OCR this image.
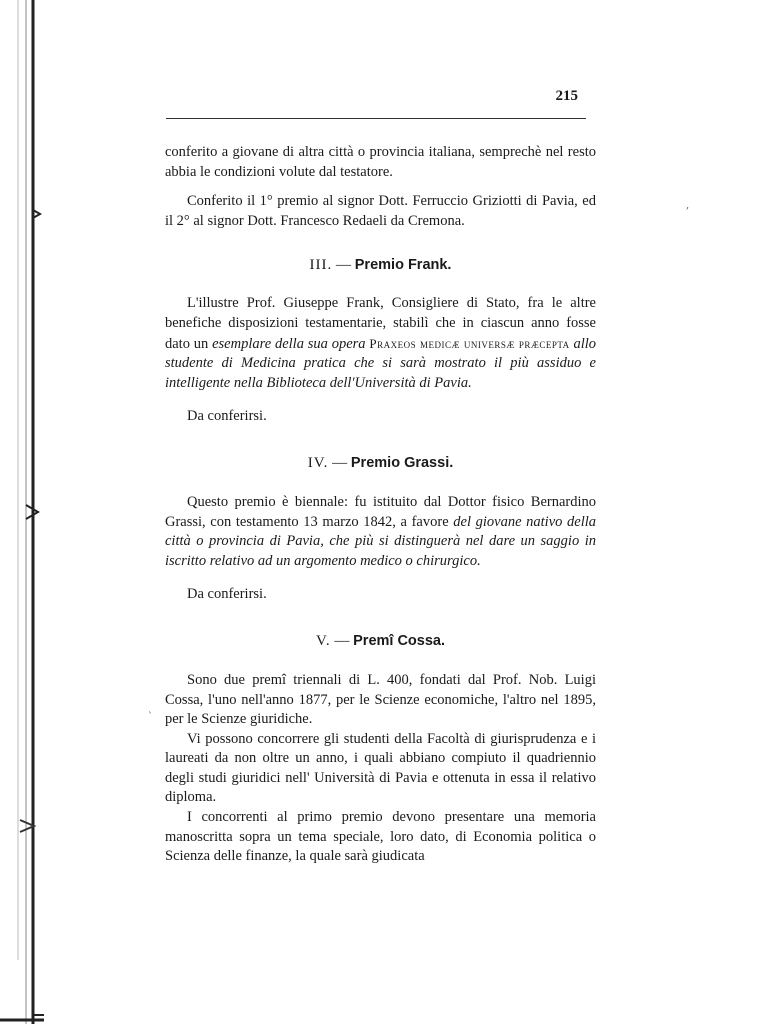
215
,
`

conferito a giovane di altra città o provincia italiana, semprechè nel resto abbia le condizioni volute dal testatore.

Conferito il 1° premio al signor Dott. Ferruccio Griziotti di Pavia, ed il 2° al signor Dott. Francesco Redaeli da Cremona.

III. — Premio Frank.

L'illustre Prof. Giuseppe Frank, Consigliere di Stato, fra le altre benefiche disposizioni testamentarie, stabilì che in ciascun anno fosse dato un esemplare della sua opera Praxeos medicæ universæ præcepta allo studente di Medicina pratica che si sarà mostrato il più assiduo e intelligente nella Biblioteca dell'Università di Pavia.

Da conferirsi.

IV. — Premio Grassi.

Questo premio è biennale: fu istituito dal Dottor fisico Bernardino Grassi, con testamento 13 marzo 1842, a favore del giovane nativo della città o provincia di Pavia, che più si distinguerà nel dare un saggio in iscritto relativo ad un argomento medico o chirurgico.

Da conferirsi.

V. — Premî Cossa.

Sono due premî triennali di L. 400, fondati dal Prof. Nob. Luigi Cossa, l'uno nell'anno 1877, per le Scienze economiche, l'altro nel 1895, per le Scienze giuridiche.

Vi possono concorrere gli studenti della Facoltà di giurisprudenza e i laureati da non oltre un anno, i quali abbiano compiuto il quadriennio degli studi giuridici nell' Università di Pavia e ottenuta in essa il relativo diploma.

I concorrenti al primo premio devono presentare una memoria manoscritta sopra un tema speciale, loro dato, di Economia politica o Scienza delle finanze, la quale sarà giudicata
